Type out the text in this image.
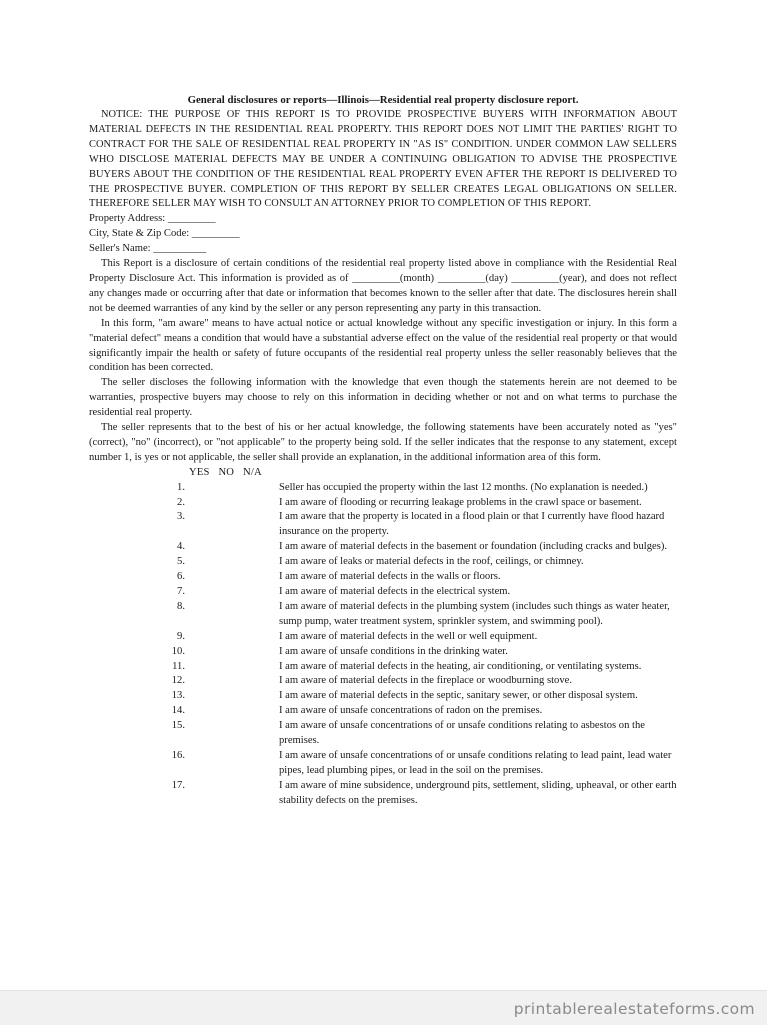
General disclosures or reports—Illinois—Residential real property disclosure report.

NOTICE: THE PURPOSE OF THIS REPORT IS TO PROVIDE PROSPECTIVE BUYERS WITH INFORMATION ABOUT MATERIAL DEFECTS IN THE RESIDENTIAL REAL PROPERTY. THIS REPORT DOES NOT LIMIT THE PARTIES' RIGHT TO CONTRACT FOR THE SALE OF RESIDENTIAL REAL PROPERTY IN "AS IS" CONDITION. UNDER COMMON LAW SELLERS WHO DISCLOSE MATERIAL DEFECTS MAY BE UNDER A CONTINUING OBLIGATION TO ADVISE THE PROSPECTIVE BUYERS ABOUT THE CONDITION OF THE RESIDENTIAL REAL PROPERTY EVEN AFTER THE REPORT IS DELIVERED TO THE PROSPECTIVE BUYER. COMPLETION OF THIS REPORT BY SELLER CREATES LEGAL OBLIGATIONS ON SELLER. THEREFORE SELLER MAY WISH TO CONSULT AN ATTORNEY PRIOR TO COMPLETION OF THIS REPORT.

Property Address: _________

City, State & Zip Code: _________

Seller's Name: __________

This Report is a disclosure of certain conditions of the residential real property listed above in compliance with the Residential Real Property Disclosure Act. This information is provided as of _________(month) _________(day) _________(year), and does not reflect any changes made or occurring after that date or information that becomes known to the seller after that date. The disclosures herein shall not be deemed warranties of any kind by the seller or any person representing any party in this transaction.

In this form, "am aware" means to have actual notice or actual knowledge without any specific investigation or injury. In this form a "material defect" means a condition that would have a substantial adverse effect on the value of the residential real property or that would significantly impair the health or safety of future occupants of the residential real property unless the seller reasonably believes that the condition has been corrected.

The seller discloses the following information with the knowledge that even though the statements herein are not deemed to be warranties, prospective buyers may choose to rely on this information in deciding whether or not and on what terms to purchase the residential real property.

The seller represents that to the best of his or her actual knowledge, the following statements have been accurately noted as "yes" (correct), "no" (incorrect), or "not applicable" to the property being sold. If the seller indicates that the response to any statement, except number 1, is yes or not applicable, the seller shall provide an explanation, in the additional information area of this form.

YES NO N/A

1.	Seller has occupied the property within the last 12 months. (No explanation is needed.)
2.	I am aware of flooding or recurring leakage problems in the crawl space or basement.
3.	I am aware that the property is located in a flood plain or that I currently have flood hazard insurance on the property.
4.	I am aware of material defects in the basement or foundation (including cracks and bulges).
5.	I am aware of leaks or material defects in the roof, ceilings, or chimney.
6.	I am aware of material defects in the walls or floors.
7.	I am aware of material defects in the electrical system.
8.	I am aware of material defects in the plumbing system (includes such things as water heater, sump pump, water treatment system, sprinkler system, and swimming pool).
9.	I am aware of material defects in the well or well equipment.
10.	I am aware of unsafe conditions in the drinking water.
11.	I am aware of material defects in the heating, air conditioning, or ventilating systems.
12.	I am aware of material defects in the fireplace or woodburning stove.
13.	I am aware of material defects in the septic, sanitary sewer, or other disposal system.
14.	I am aware of unsafe concentrations of radon on the premises.
15.	I am aware of unsafe concentrations of or unsafe conditions relating to asbestos on the premises.
16.	I am aware of unsafe concentrations of or unsafe conditions relating to lead paint, lead water pipes, lead plumbing pipes, or lead in the soil on the premises.
17.	I am aware of mine subsidence, underground pits, settlement, sliding, upheaval, or other earth stability defects on the premises.
printablerealestateforms.com
